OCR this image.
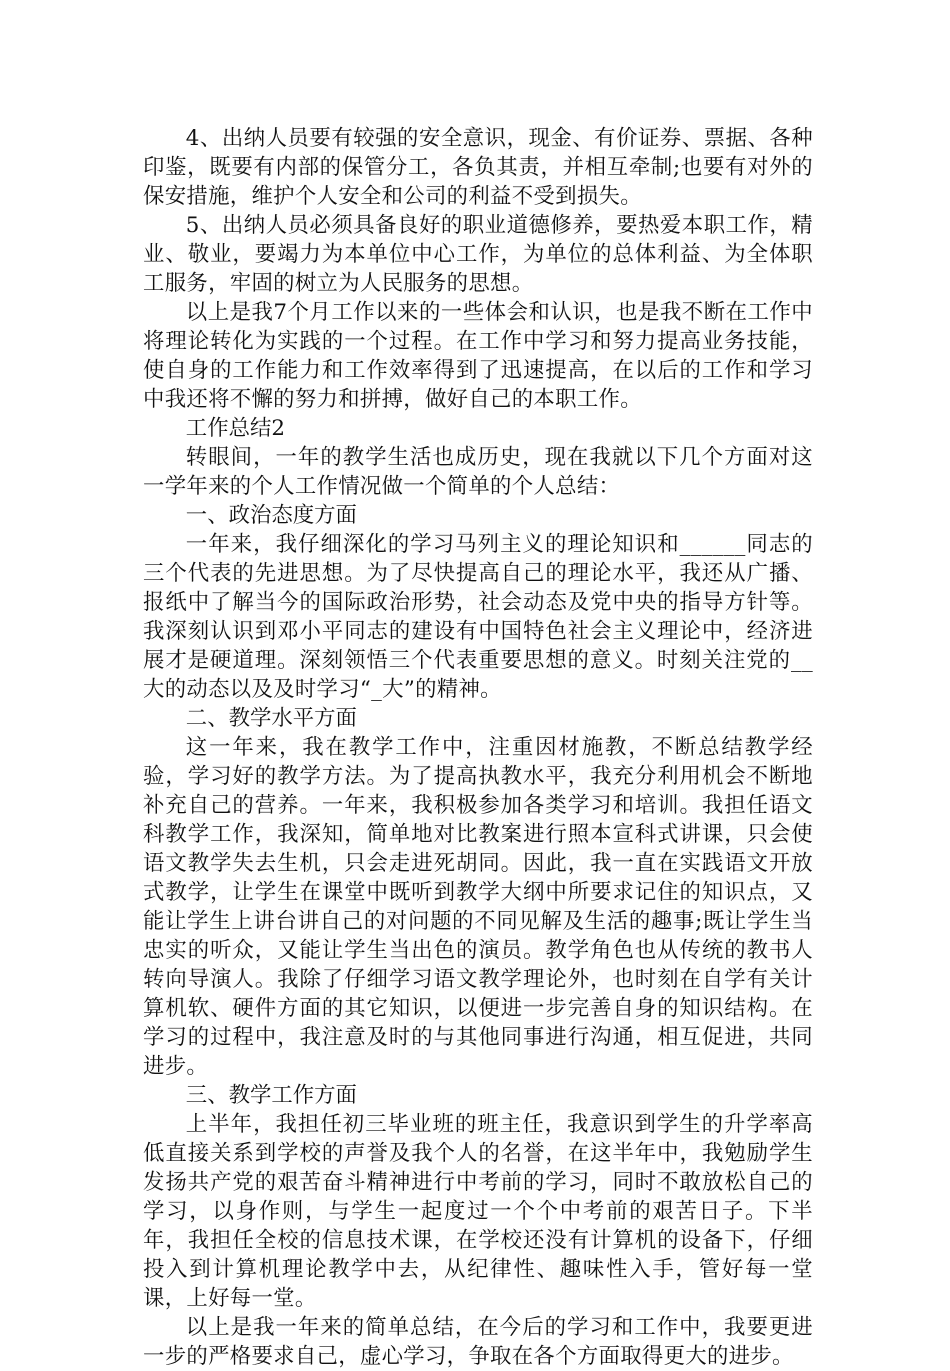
4、出纳人员要有较强的安全意识，现金、有价证券、票据、各种印鉴，既要有内部的保管分工，各负其责，并相互牵制;也要有对外的保安措施，维护个人安全和公司的利益不受到损失。

5、出纳人员必须具备良好的职业道德修养，要热爱本职工作，精业、敬业，要竭力为本单位中心工作，为单位的总体利益、为全体职工服务，牢固的树立为人民服务的思想。

以上是我7个月工作以来的一些体会和认识，也是我不断在工作中将理论转化为实践的一个过程。在工作中学习和努力提高业务技能，使自身的工作能力和工作效率得到了迅速提高，在以后的工作和学习中我还将不懈的努力和拼搏，做好自己的本职工作。

工作总结2

转眼间，一年的教学生活也成历史，现在我就以下几个方面对这一学年来的个人工作情况做一个简单的个人总结：

一、政治态度方面

一年来，我仔细深化的学习马列主义的理论知识和______同志的三个代表的先进思想。为了尽快提高自己的理论水平，我还从广播、报纸中了解当今的国际政治形势，社会动态及党中央的指导方针等。我深刻认识到邓小平同志的建设有中国特色社会主义理论中，经济进展才是硬道理。深刻领悟三个代表重要思想的意义。时刻关注党的__大的动态以及及时学习“_大”的精神。

二、教学水平方面

这一年来，我在教学工作中，注重因材施教，不断总结教学经验，学习好的教学方法。为了提高执教水平，我充分利用机会不断地补充自己的营养。一年来，我积极参加各类学习和培训。我担任语文科教学工作，我深知，简单地对比教案进行照本宣科式讲课，只会使语文教学失去生机，只会走进死胡同。因此，我一直在实践语文开放式教学，让学生在课堂中既听到教学大纲中所要求记住的知识点，又能让学生上讲台讲自己的对问题的不同见解及生活的趣事;既让学生当忠实的听众，又能让学生当出色的演员。教学角色也从传统的教书人转向导演人。我除了仔细学习语文教学理论外，也时刻在自学有关计算机软、硬件方面的其它知识，以便进一步完善自身的知识结构。在学习的过程中，我注意及时的与其他同事进行沟通，相互促进，共同进步。

三、教学工作方面

上半年，我担任初三毕业班的班主任，我意识到学生的升学率高低直接关系到学校的声誉及我个人的名誉，在这半年中，我勉励学生发扬共产党的艰苦奋斗精神进行中考前的学习，同时不敢放松自己的学习，以身作则，与学生一起度过一个个中考前的艰苦日子。下半年，我担任全校的信息技术课，在学校还没有计算机的设备下，仔细投入到计算机理论教学中去，从纪律性、趣味性入手，管好每一堂课，上好每一堂。

以上是我一年来的简单总结，在今后的学习和工作中，我要更进一步的严格要求自己，虚心学习，争取在各个方面取得更大的进步。
